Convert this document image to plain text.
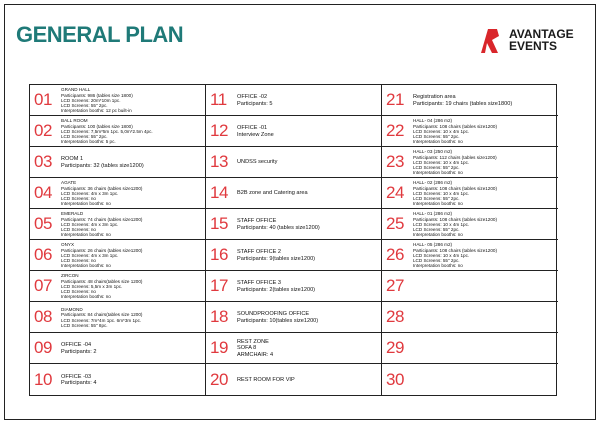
GENERAL PLAN	AVANTAGE
EVENTS
01
GRAND HALL
Participants: 986 (tables size 1800)
LCD Screens: 20m*10m 1pc.
LCD Screens: 55" 2pc.
Interpretation booths: 12 pc built-in
02
BALL ROOM
Participants: 100 (tables size 1800)
LCD Screens: 7,5m*5m 1pc. 5,0m*2.5m 4pc.
LCD Screens: 55" 2pc.
Interpretation booths: 5 pc.
03 ROOM 1
Participants: 32 (tables size1200)
04
AGATE
Participants: 36 chairs (tables size1200)
LCD Screens: 4m x 3m 1pc.
LCD Screens: no
Interpretation booths: no
05
EMERALD
Participants: 74 chairs (tables size1200)
LCD Screens: 4m x 3m 1pc.
LCD Screens: no
Interpretation booths: no
06
ONYX
Participants: 26 chairs (tables size1200)
LCD Screens: 4m x 3m 1pc.
LCD Screens: no
Interpretation booths: no
07
ZIRCON
Participants: 48 chairs(tables size 1200)
LCD Screens: 5,5m x 3m 1pc.
LCD Screens: no
Interpretation booths: no
08 DIAMOND
Participants: 84 chairs(tables size 1200)
LCD Screens: 7m*4m 1pc. 6m*3m 1pc.
LCD Screens: 55" 8pc.
09 OFFICE -04
Participants: 2
10 OFFICE -03
Participants: 4
11 OFFICE -02
Participants: 5
12 OFFICE -01
Interview Zone
13 UNDSS security
14 B2B zone and Catering area
15 STAFF OFFICE
Participants: 40 (tables size1200)
16 STAFF OFFICE 2
Participants: 9(tables size1200)
17 STAFF OFFICE 3
Participants: 2(tables size1200)
18 SOUNDPROOFING OFFICE
Participants: 10(tables size1200)
19 REST ZONE
SOFA 8
ARMCHAIR: 4
20 REST ROOM FOR VIP
21 Registration area
Participants: 19 chairs (tables size1800)
22
HALL- 04 (286 m2)
Participants: 108 chairs (tables size1200)
LCD Screens: 10 x 4m 1pc.
LCD Screens: 55" 2pc.
Interpretation booths: no
23
HALL- 03 (250 m2)
Participants: 112 chairs (tables size1200)
LCD Screens: 10 x 4m 1pc.
LCD Screens: 55" 2pc.
Interpretation booths: no
24
HALL- 02 (286 m2)
Participants: 108 chairs (tables size1200)
LCD Screens: 10 x 4m 1pc.
LCD Screens: 55" 2pc.
Interpretation booths: no
25
HALL- 01 (286 m2)
Participants: 108 chairs (tables size1200)
LCD Screens: 10 x 4m 1pc.
LCD Screens: 55" 2pc.
Interpretation booths: no
26
HALL- 05 (286 m2)
Participants: 108 chairs (tables size1200)
LCD Screens: 10 x 4m 1pc.
LCD Screens: 55" 2pc.
Interpretation booths: no
27
28
29
30
